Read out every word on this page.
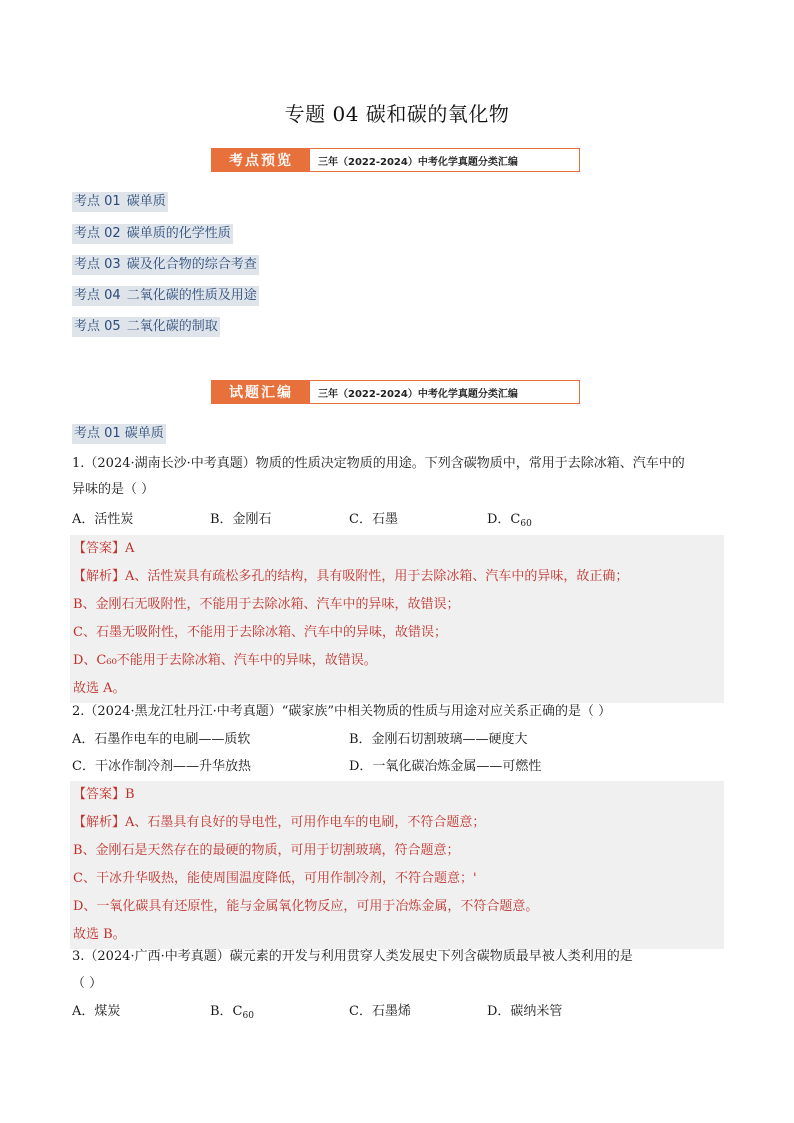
专题 04 碳和碳的氧化物
考点预览	三年（2022-2024）中考化学真题分类汇编
考点 01 碳单质
考点 02 碳单质的化学性质
考点 03 碳及化合物的综合考查
考点 04 二氧化碳的性质及用途
考点 05 二氧化碳的制取
试题汇编	三年（2022-2024）中考化学真题分类汇编
考点 01 碳单质
1.（2024·湖南长沙·中考真题）物质的性质决定物质的用途。下列含碳物质中，常用于去除冰箱、汽车中的
异味的是（ ）
A．活性炭	B．金刚石	C．石墨	D．$C_{60}$
【答案】A
【解析】A、活性炭具有疏松多孔的结构，具有吸附性，用于去除冰箱、汽车中的异味，故正确；
B、金刚石无吸附性，不能用于去除冰箱、汽车中的异味，故错误；
C、石墨无吸附性，不能用于去除冰箱、汽车中的异味，故错误；
D、C₆₀不能用于去除冰箱、汽车中的异味，故错误。
故选 A。
2.（2024·黑龙江牡丹江·中考真题）“碳家族”中相关物质的性质与用途对应关系正确的是（ ）
A．石墨作电车的电刷——质软	B．金刚石切割玻璃——硬度大
C．干冰作制冷剂——升华放热	D．一氧化碳冶炼金属——可燃性
【答案】B
【解析】A、石墨具有良好的导电性，可用作电车的电刷，不符合题意；
B、金刚石是天然存在的最硬的物质，可用于切割玻璃，符合题意；
C、干冰升华吸热，能使周围温度降低，可用作制冷剂，不符合题意；'
D、一氧化碳具有还原性，能与金属氧化物反应，可用于冶炼金属，不符合题意。
故选 B。
3.（2024·广西·中考真题）碳元素的开发与利用贯穿人类发展史下列含碳物质最早被人类利用的是
（ ）
A．煤炭	B．$C_{60}$	C．石墨烯	D．碳纳米管
